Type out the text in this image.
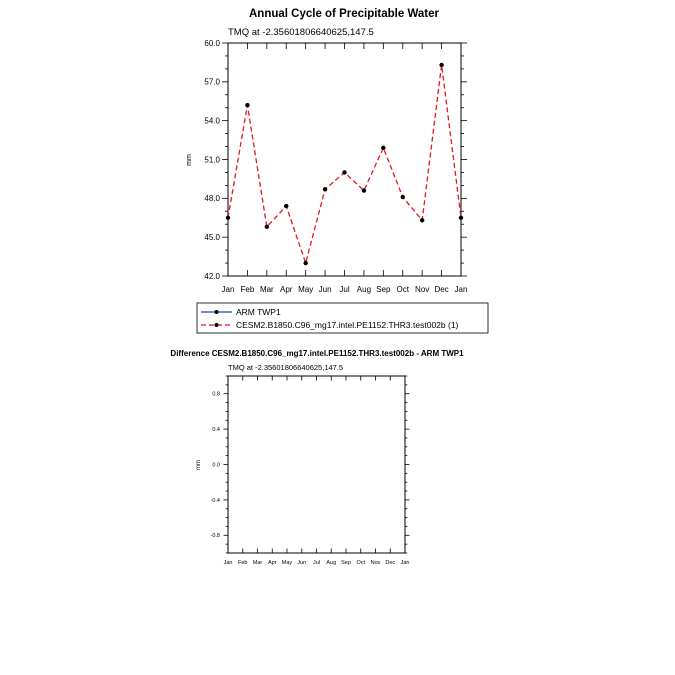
Annual Cycle of Precipitable Water
TMQ at -2.35601806640625,147.5
mm
42.0
45.0
48.0
51.0
54.0
57.0
60.0
Jan Feb Mar Apr May Jun Jul Aug Sep Oct Nov Dec Jan
ARM TWP1
CESM2.B1850.C96_mg17.intel.PE1152.THR3.test002b (1)
Difference CESM2.B1850.C96_mg17.intel.PE1152.THR3.test002b - ARM TWP1
TMQ at -2.35601806640625,147.5
mm
-0.8
-0.4
0.0
0.4
0.8
Jan Feb Mar Apr May Jun Jul Aug Sep Oct Nov Dec Jan
